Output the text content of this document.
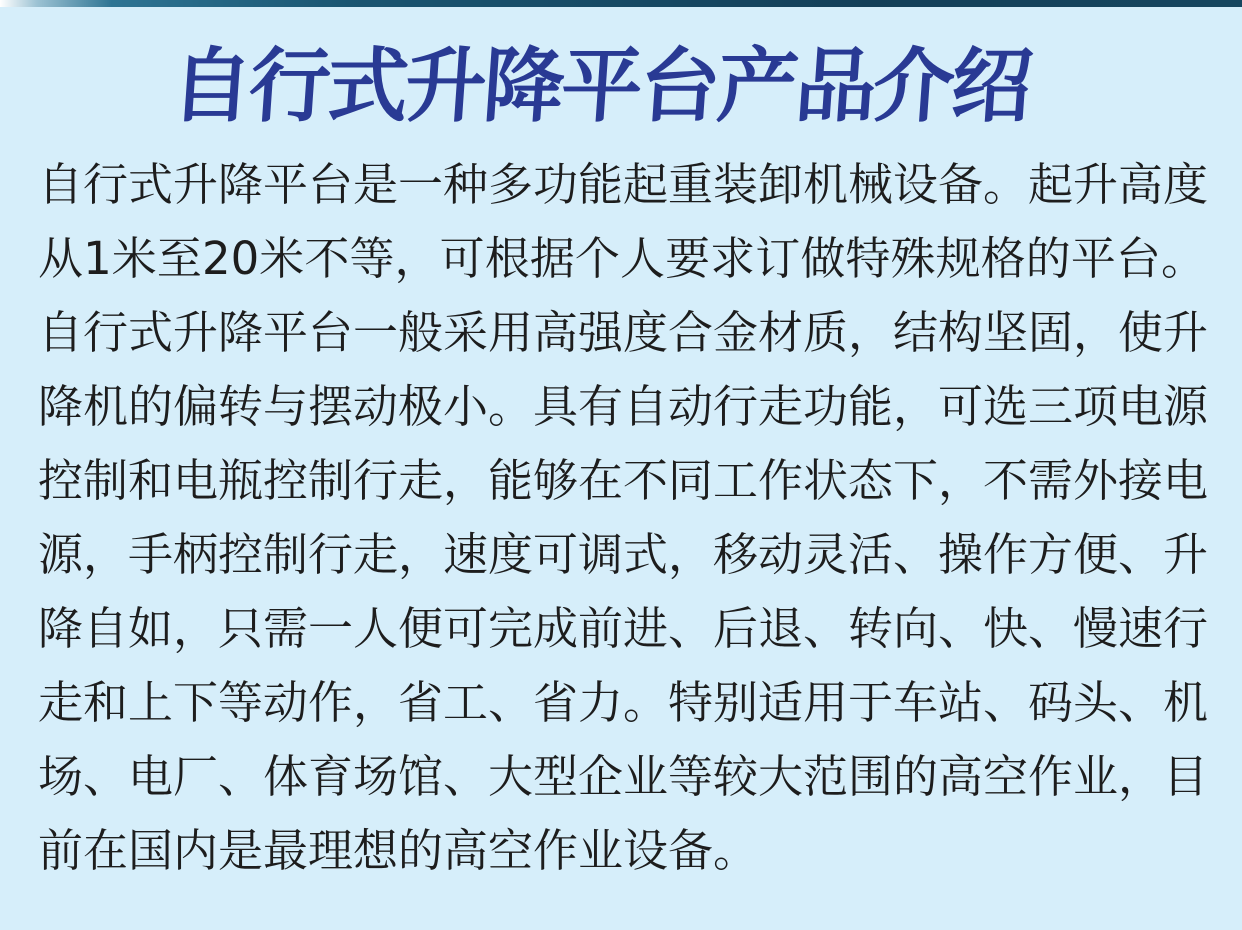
自行式升降平台产品介绍
自行式升降平台是一种多功能起重装卸机械设备。起升高度
从1米至20米不等，可根据个人要求订做特殊规格的平台。
自行式升降平台一般采用高强度合金材质，结构坚固，使升
降机的偏转与摆动极小。具有自动行走功能，可选三项电源
控制和电瓶控制行走，能够在不同工作状态下，不需外接电
源，手柄控制行走，速度可调式，移动灵活、操作方便、升
降自如，只需一人便可完成前进、后退、转向、快、慢速行
走和上下等动作，省工、省力。特别适用于车站、码头、机
场、电厂、体育场馆、大型企业等较大范围的高空作业，目
前在国内是最理想的高空作业设备。
